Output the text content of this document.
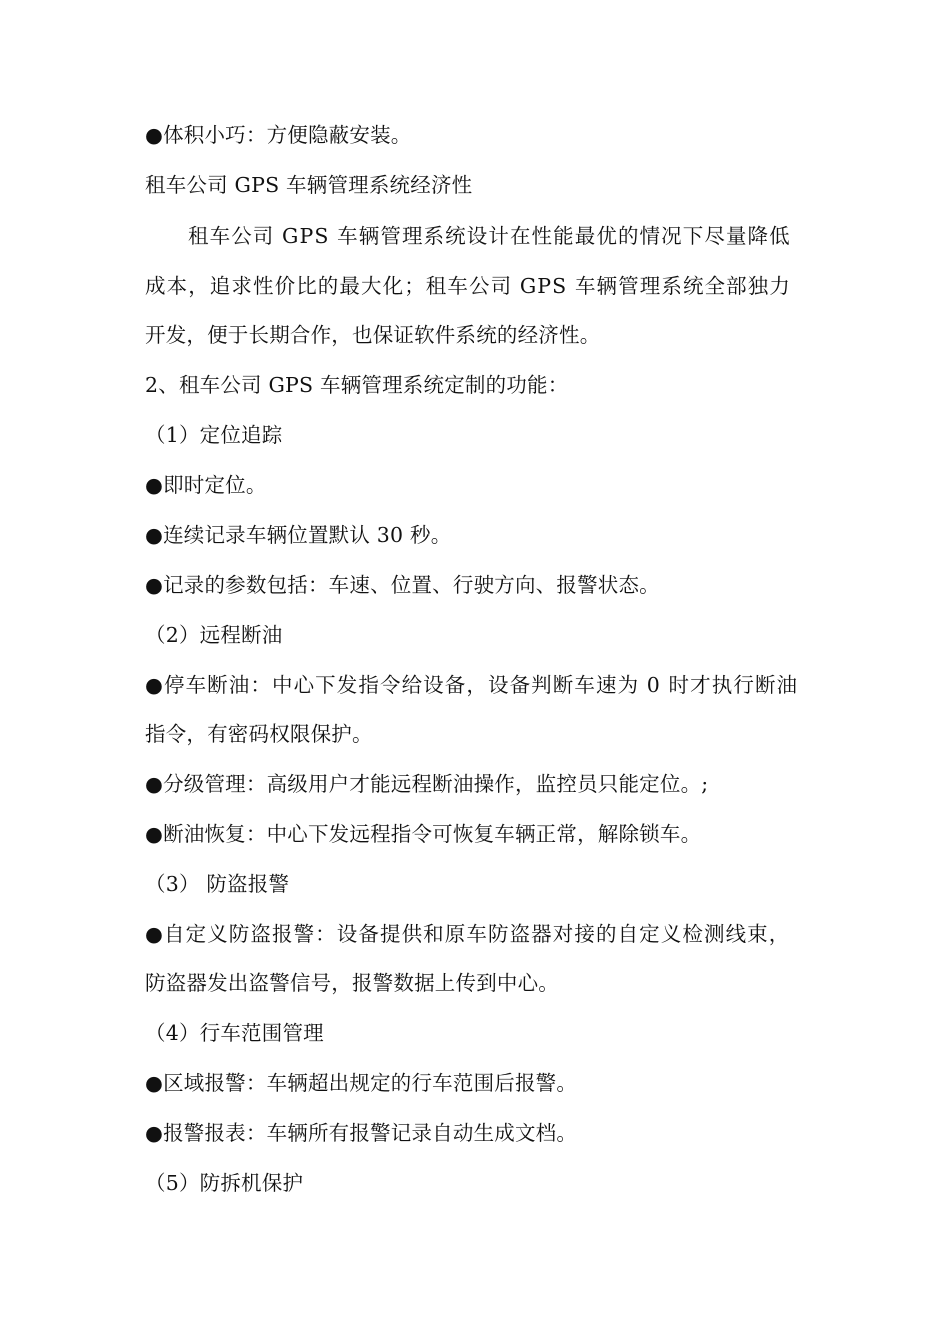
●体积小巧：方便隐蔽安装。
租车公司 GPS 车辆管理系统经济性
租车公司 GPS 车辆管理系统设计在性能最优的情况下尽量降低
成本，追求性价比的最大化；租车公司 GPS 车辆管理系统全部独力
开发，便于长期合作，也保证软件系统的经济性。
2、租车公司 GPS 车辆管理系统定制的功能：
（1）定位追踪
●即时定位。
●连续记录车辆位置默认 30 秒。
●记录的参数包括：车速、位置、行驶方向、报警状态。
（2）远程断油
●停车断油：中心下发指令给设备，设备判断车速为 0 时才执行断油
指令，有密码权限保护。
●分级管理：高级用户才能远程断油操作，监控员只能定位。;
●断油恢复：中心下发远程指令可恢复车辆正常，解除锁车。
（3） 防盗报警
●自定义防盗报警：设备提供和原车防盗器对接的自定义检测线束，
防盗器发出盗警信号，报警数据上传到中心。
（4）行车范围管理
●区域报警：车辆超出规定的行车范围后报警。
●报警报表：车辆所有报警记录自动生成文档。
（5）防拆机保护
